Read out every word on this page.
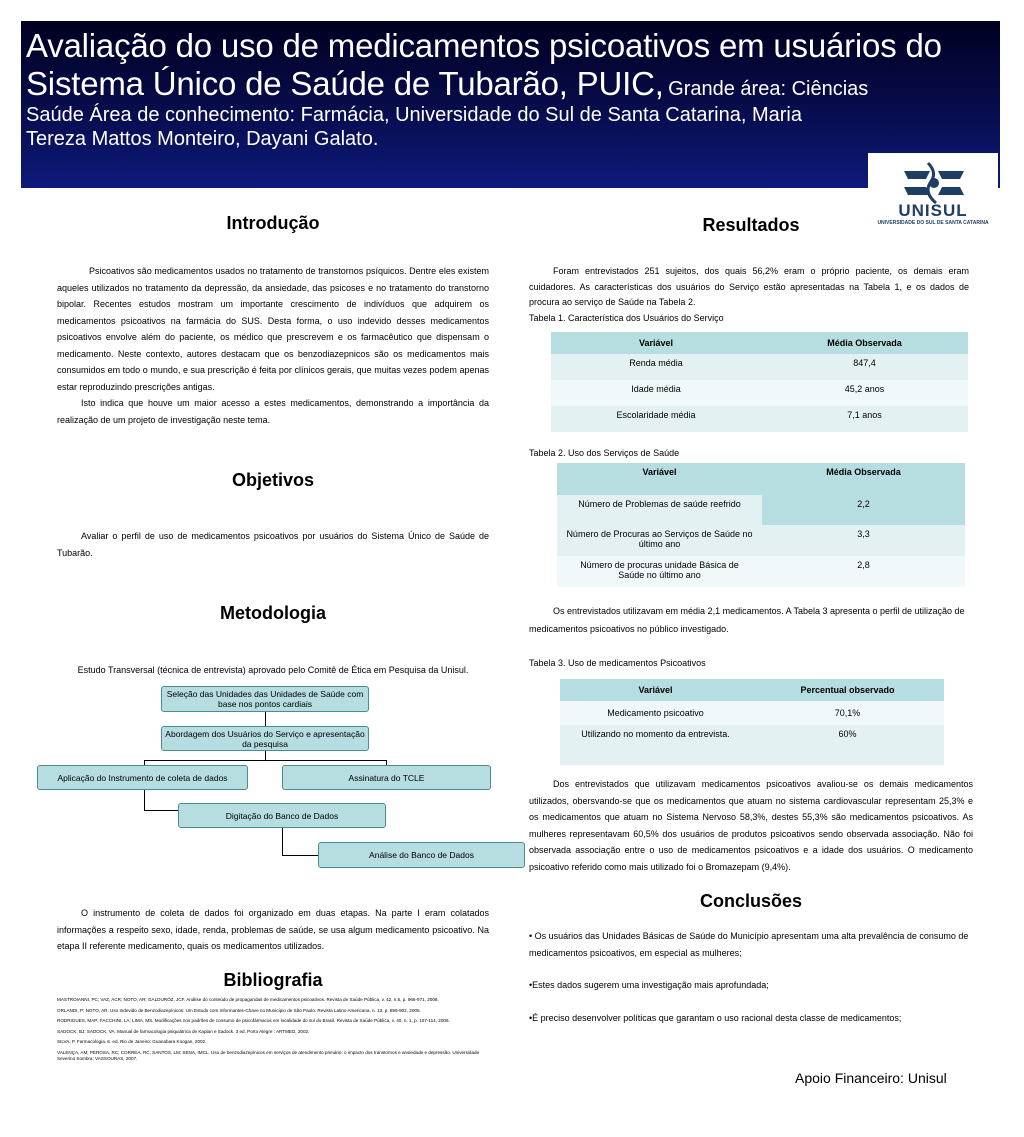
Avaliação do uso de medicamentos psicoativos em usuários do Sistema Único de Saúde de Tubarão, PUIC, Grande área: Ciências
Saúde Área de conhecimento: Farmácia, Universidade do Sul de Santa Catarina, Maria Tereza Mattos Monteiro, Dayani Galato.
UNISUL
UNIVERSIDADE DO SUL DE SANTA CATARINA
Introdução

Psicoativos são medicamentos usados no tratamento de transtornos psíquicos. Dentre eles existem aqueles utilizados no tratamento da depressão, da ansiedade, das psicoses e no tratamento do transtorno bipolar. Recentes estudos mostram um importante crescimento de indivíduos que adquirem os medicamentos psicoativos na farmácia do SUS. Desta forma, o uso indevido desses medicamentos psicoativos envolve além do paciente, os médico que prescrevem e os farmacêutico que dispensam o medicamento. Neste contexto, autores destacam que os benzodiazepnicos são os medicamentos mais consumidos em todo o mundo, e sua prescrição é feita por clínicos gerais, que muitas vezes podem apenas estar reproduzindo prescrições antigas.

Isto indica que houve um maior acesso a estes medicamentos, demonstrando a importância da realização de um projeto de investigação neste tema.

Objetivos

Avaliar o perfil de uso de medicamentos psicoativos por usuários do Sistema Único de Saúde de Tubarão.

Metodologia
Estudo Transversal (técnica de entrevista) aprovado pelo Comitê de Ética em Pesquisa da Unisul.
Seleção das Unidades das Unidades de Saúde com base nos pontos cardiais
Abordagem dos Usuários do Serviço e apresentação da pesquisa
Aplicação do Instrumento de coleta de dados	Assinatura do TCLE
Digitação do Banco de Dados
Análise do Banco de Dados

O instrumento de coleta de dados foi organizado em duas etapas. Na parte I eram colatados informações a respeito sexo, idade, renda, problemas de saúde, se usa algum medicamento psicoativo. Na etapa II referente medicamento, quais os medicamentos utilizados.

Bibliografia
MASTROIANNI, PC; VAZ, ACR; NOTO, AR; GALDURÓZ, JCF. Análise do conteúdo de propagandas de medicamentos psicoativos. Revista de Saúde Pública, v. 42, n.5, p. 966-971, 2008.
ORLANDI, P; NOTO, AR. Uso Indevido de Benzodiazepínicos: Um Estudo com Informantes-Chave no Município de São Paulo. Revista Latino Americana, n. 13, p. 896-902, 2005.
RODRIGUES, MAP; FACCHINI, LA; LIMA, MS. Modificações nos padrões de consumo de psicofármacos em localidade do sul do Brasil. Revista de Saúde Pública, v. 40, n. 1, p. 107-114, 2006.
SADOCK, BJ; SADOCK, VA. Manual de farmacologia psiquiátrica de Kaplan e Sadock. 3 ed. Porto Alegre : ARTMED, 2002.
SILVA, P. Farmacologia. 6. ed. Rio de Janeiro: Guanabara Koogan, 2002.
VALENÇA, AM; PEROSA, RC; CORREA, RC; SANTOS, LM; SENA, IMCL. Uso de benzodiazepínicos em serviços de atendimento primário: o impacto dos transtornos e ansiedade e depressão. Universidade Severino Sombra; VASSOURAS, 2007.
Resultados

Foram entrevistados 251 sujeitos, dos quais 56,2% eram o próprio paciente, os demais eram cuidadores. As características dos usuários do Serviço estão apresentadas na Tabela 1, e os dados de procura ao serviço de Saúde na Tabela 2.

Tabela 1. Característica dos Usuários do Serviço
Variável	Média Observada
Renda média	847,4
Idade média	45,2 anos
Escolaridade média	7,1 anos
Tabela 2. Uso dos Serviços de Saúde
Variável	Média Observada
Número de Problemas de saúde reefrido	2,2
Número de Procuras ao Serviços de Saúde no último ano	3,3
Número de procuras unidade Básica de Saúde no último ano	2,8

Os entrevistados utilizavam em média 2,1 medicamentos. A Tabela 3 apresenta o perfil de utilização de medicamentos psicoativos no público investigado.

Tabela 3. Uso de medicamentos Psicoativos
Variável	Percentual observado
Medicamento psicoativo	70,1%
Utilizando no momento da entrevista.	60%

Dos entrevistados que utilizavam medicamentos psicoativos avaliou-se os demais medicamentos utilizados, obersvando-se que os medicamentos que atuam no sistema cardiovascular representam 25,3% e os medicamentos que atuam no Sistema Nervoso 58,3%, destes 55,3% são medicamentos psicoativos. As mulheres representavam 60,5% dos usuários de produtos psicoativos sendo observada associação. Não foi observada associação entre o uso de medicamentos psicoativos e a idade dos usuários. O medicamento psicoativo referido como mais utilizado foi o Bromazepam (9,4%).

Conclusões
• Os usuários das Unidades Básicas de Saúde do Município apresentam uma alta prevalência de consumo de medicamentos psicoativos, em especial as mulheres;
•Estes dados sugerem uma investigação mais aprofundada;
•É preciso desenvolver políticas que garantam o uso racional desta classe de medicamentos;
Apoio Financeiro: Unisul
